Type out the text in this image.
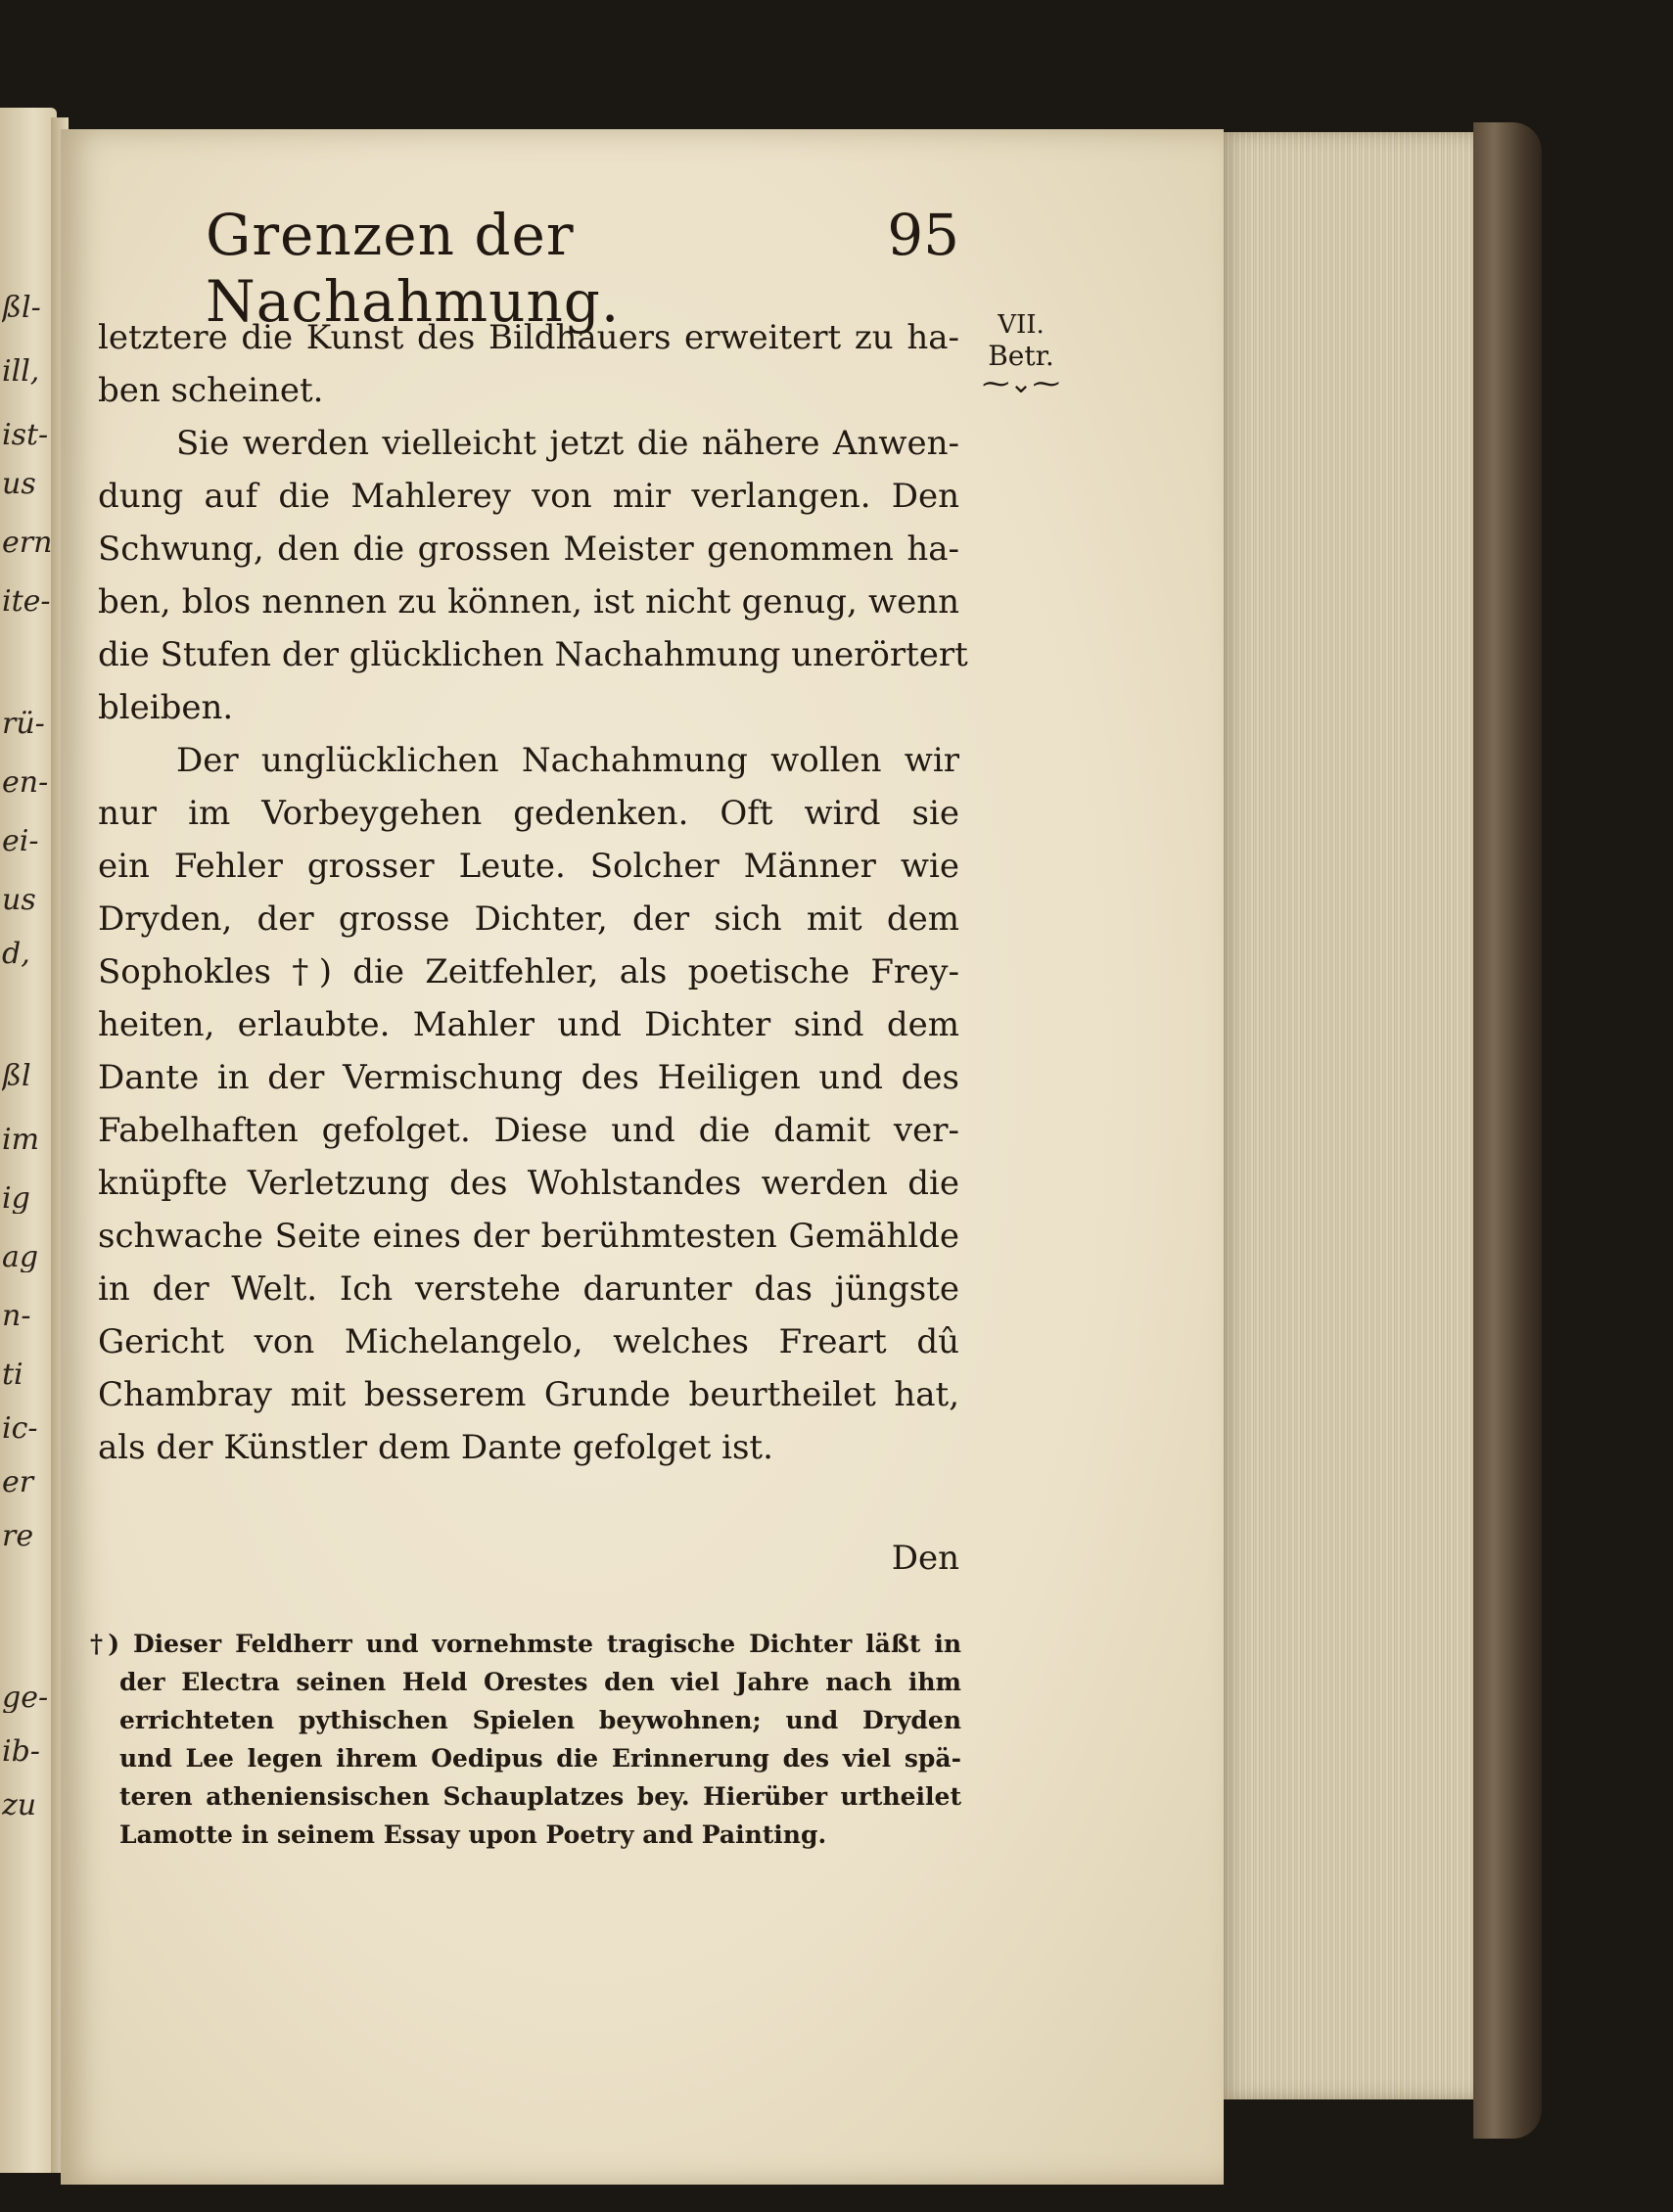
Grenzen der Nachahmung.
95
VII.
Betr.
⁓⌄⁓

letztere die Kunst des Bildhauers erweitert zu ha-
ben scheinet.

Sie werden vielleicht jetzt die nähere Anwen-
dung auf die Mahlerey von mir verlangen. Den
Schwung, den die grossen Meister genommen ha-
ben, blos nennen zu können, ist nicht genug, wenn
die Stufen der glücklichen Nachahmung unerörtert
bleiben.

Der unglücklichen Nachahmung wollen wir
nur im Vorbeygehen gedenken. Oft wird sie
ein Fehler grosser Leute. Solcher Männer wie
Dryden, der grosse Dichter, der sich mit dem
Sophokles †) die Zeitfehler, als poetische Frey-
heiten, erlaubte. Mahler und Dichter sind dem
Dante in der Vermischung des Heiligen und des
Fabelhaften gefolget. Diese und die damit ver-
knüpfte Verletzung des Wohlstandes werden die
schwache Seite eines der berühmtesten Gemählde
in der Welt. Ich verstehe darunter das jüngste
Gericht von Michelangelo, welches Freart dû
Chambray mit besserem Grunde beurtheilet hat,
als der Künstler dem Dante gefolget ist.

Den
†) Dieser Feldherr und vornehmste tragische Dichter läßt in
der Electra seinen Held Orestes den viel Jahre nach ihm
errichteten pythischen Spielen beywohnen; und Dryden
und Lee legen ihrem Oedipus die Erinnerung des viel spä-
teren atheniensischen Schauplatzes bey. Hierüber urtheilet
Lamotte in seinem Essay upon Poetry and Painting.
ßl-
ill,
ist-
us
ern
ite-
rü-
en-
ei-
us
d,
ßl
im
ig
ag
n-
ti
ic-
er
re
ge-
ib-
zu
